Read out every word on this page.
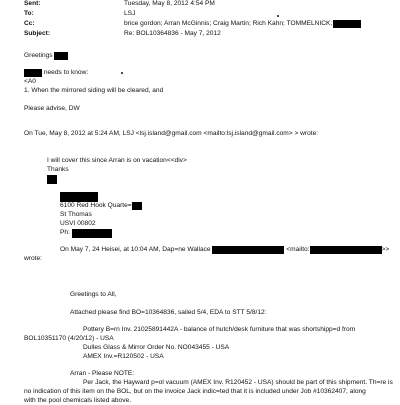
Sent:	Tuesday, May 8, 2012 4:54 PM
To:	LSJ
Cc:	brice gordon; Arran McGinnis; Craig Martin; Rich Kahn; TOMMELNICK;
Subject:	Re: BOL10364836 - May 7, 2012
Greetings
needs to know:
<A0
1. When the mirrored siding will be cleared, and
Please advise, DW
On Tue, May 8, 2012 at 5:24 AM, LSJ <lsj.island@gmail.com <mailto:lsj.island@gmail.com> > wrote:
I will cover this since Arran is on vacation<<div>
Thanks
6100 Red Hook Quarte=
St Thomas
USVI 00802
Ph:
On May 7, 24 Heisei, at 10:04 AM, Dap=ne Wallace	<mailto:	>>
wrote:
Greetings to All,
Attached please find BO=10364836, sailed 5/4, EDA to STT 5/8/12:
Pottery B=rn Inv. 21025891442A - balance of hutch/desk furniture that was shortshipp=d from
BOL10351170 (4/20/12) - USA
Dulles Glass & Mirror Order No. NO043455 - USA
AMEX Inv.=R120502 - USA
Arran - Please NOTE:
Per Jack, the Hayward p=ol vacuum (AMEX Inv. R120452 - USA) should be part of this shipment. Th=re is
no indication of this item on the BOL, but on the invoice Jack indic=ted that it is included under Job #10362407, along
with the pool chemicals listed above.
